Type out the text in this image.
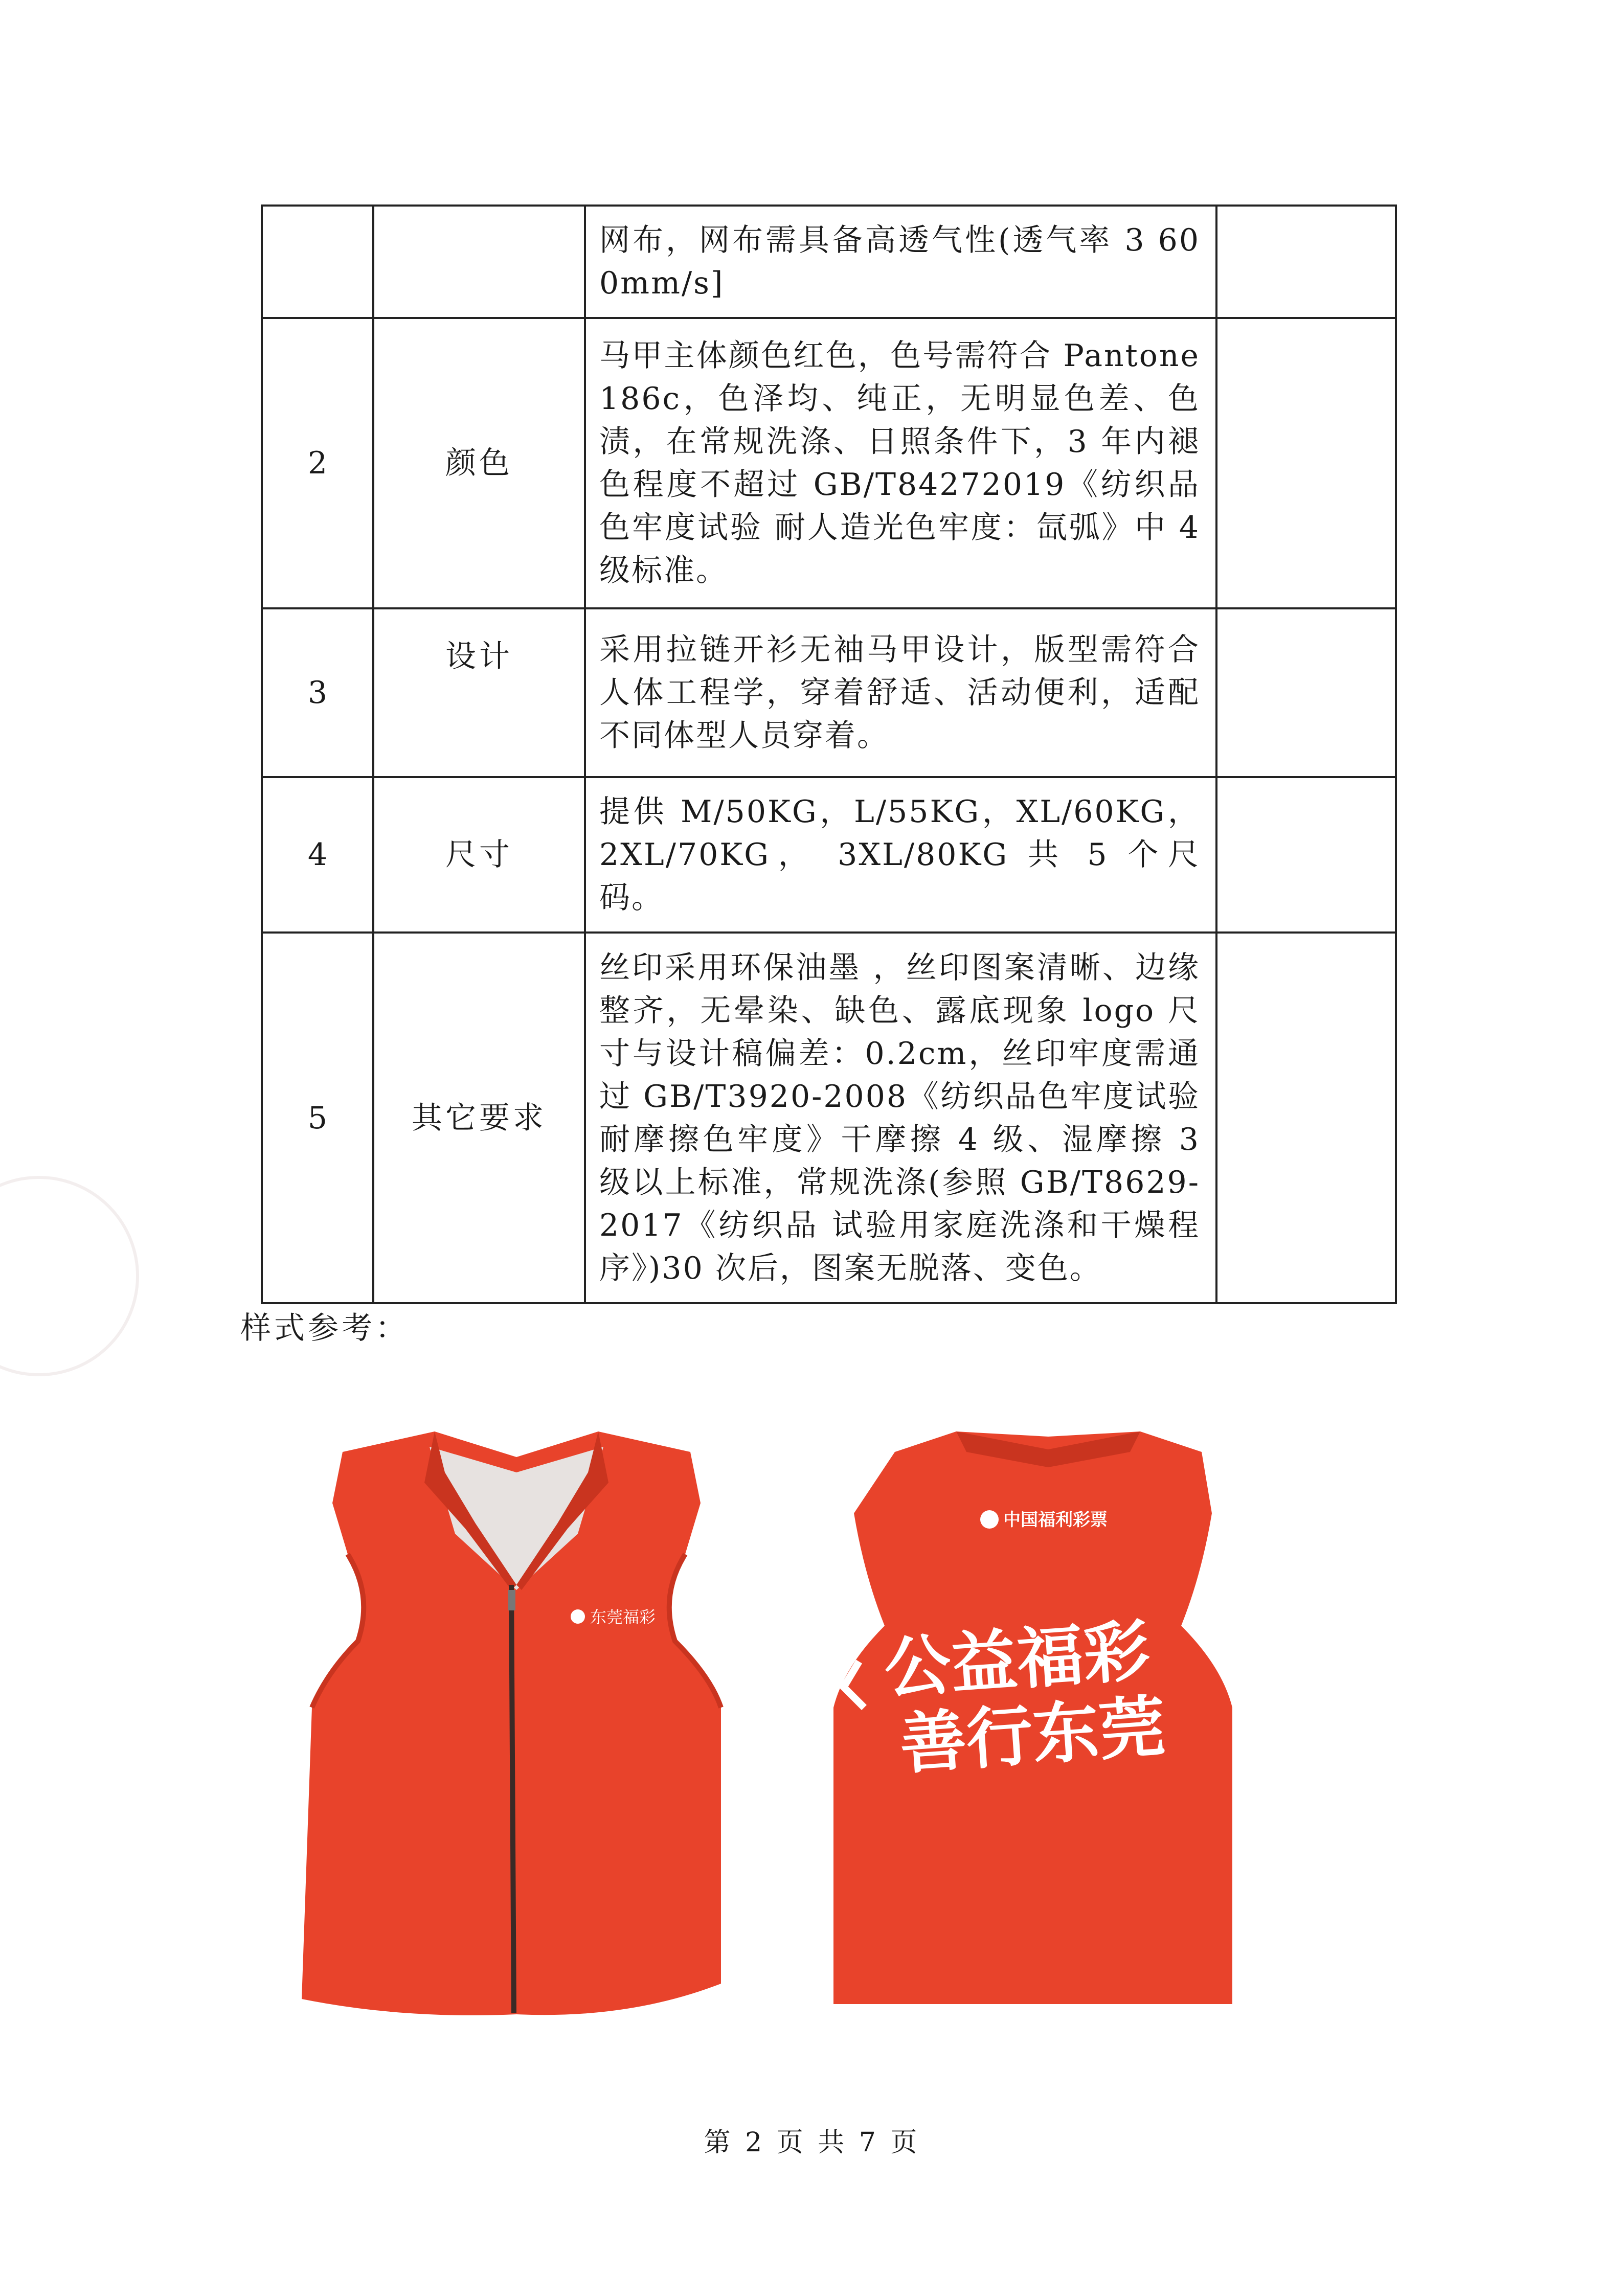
		网布，网布需具备高透气性(透气率 3 600mm/s]	
2	颜色	马甲主体颜色红色，色号需符合 Pantone 186c，色泽均、纯正，无明显色差、色渍，在常规洗涤、日照条件下，3 年内褪色程度不超过 GB/T84272019《纺织品色牢度试验 耐人造光色牢度：氙弧》中 4 级标准。	
3	设计	采用拉链开衫无袖马甲设计，版型需符合人体工程学，穿着舒适、活动便利，适配不同体型人员穿着。	
4	尺寸	提供 M/50KG，L/55KG，XL/60KG，2XL/70KG， 3XL/80KG 共 5 个尺码。	
5	其它要求	丝印采用环保油墨 ，丝印图案清晰、边缘整齐，无晕染、缺色、露底现象 logo 尺寸与设计稿偏差：0.2cm，丝印牢度需通过 GB/T3920-2008《纺织品色牢度试验 耐摩擦色牢度》干摩擦 4 级、湿摩擦 3 级以上标准，常规洗涤(参照 GB/T8629-2017《纺织品 试验用家庭洗涤和干燥程序》)30 次后，图案无脱落、变色。	
样式参考：
东莞福彩
中国福利彩票
公益福彩
善行东莞
第 2 页 共 7 页
